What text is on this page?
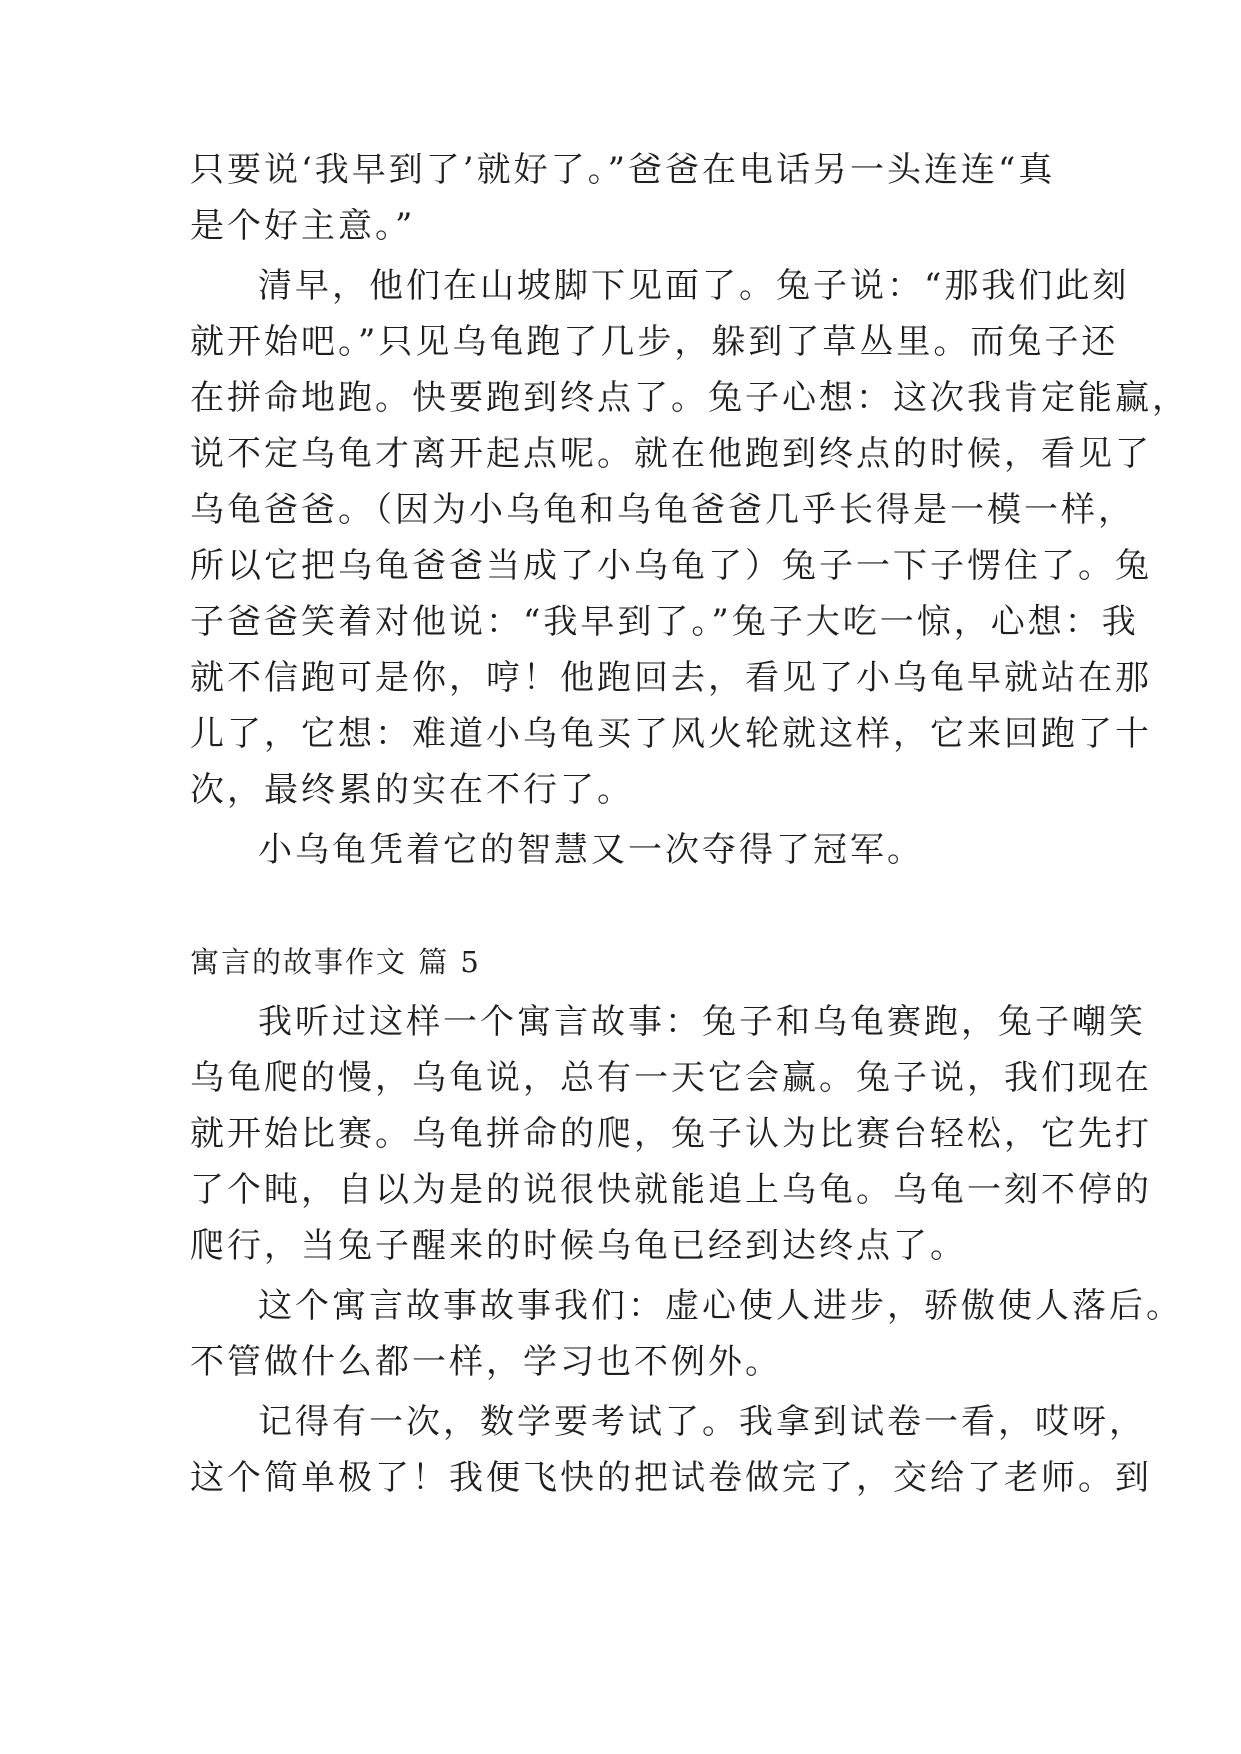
只要说‘我早到了’就好了。”爸爸在电话另一头连连“真
是个好主意。”
清早，他们在山坡脚下见面了。兔子说：“那我们此刻
就开始吧。”只见乌龟跑了几步，躲到了草丛里。而兔子还
在拼命地跑。快要跑到终点了。兔子心想：这次我肯定能赢，
说不定乌龟才离开起点呢。就在他跑到终点的时候，看见了
乌龟爸爸。（因为小乌龟和乌龟爸爸几乎长得是一模一样，
所以它把乌龟爸爸当成了小乌龟了）兔子一下子愣住了。兔
子爸爸笑着对他说：“我早到了。”兔子大吃一惊，心想：我
就不信跑可是你，哼！他跑回去，看见了小乌龟早就站在那
儿了，它想：难道小乌龟买了风火轮就这样，它来回跑了十
次，最终累的实在不行了。
小乌龟凭着它的智慧又一次夺得了冠军。
寓言的故事作文 篇 5
我听过这样一个寓言故事：兔子和乌龟赛跑，兔子嘲笑
乌龟爬的慢，乌龟说，总有一天它会赢。兔子说，我们现在
就开始比赛。乌龟拼命的爬，兔子认为比赛台轻松，它先打
了个盹，自以为是的说很快就能追上乌龟。乌龟一刻不停的
爬行，当兔子醒来的时候乌龟已经到达终点了。
这个寓言故事故事我们：虚心使人进步，骄傲使人落后。
不管做什么都一样，学习也不例外。
记得有一次，数学要考试了。我拿到试卷一看，哎呀，
这个简单极了！我便飞快的把试卷做完了，交给了老师。到
